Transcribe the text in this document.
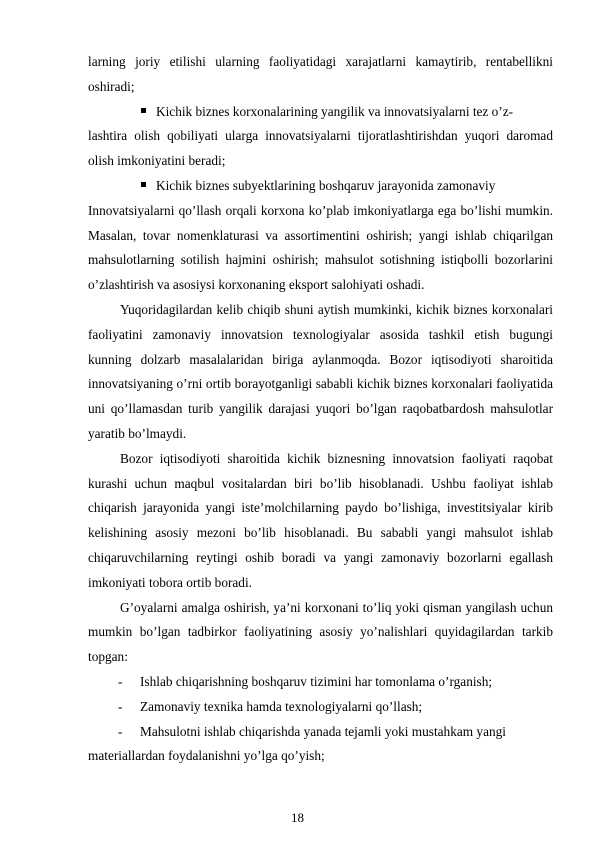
larning joriy etilishi ularning faoliyatidagi xarajatlarni kamaytirib, rentabellikni oshiradi;

Kichik biznes korxonalarining yangilik va innovatsiyalarni tez o’z-

lashtira olish qobiliyati ularga innovatsiyalarni tijoratlashtirishdan yuqori daromad olish imkoniyatini beradi;

Kichik biznes subyektlarining boshqaruv jarayonida zamonaviy

Innovatsiyalarni qo’llash orqali korxona ko’plab imkoniyatlarga ega bo’lishi mumkin. Masalan, tovar nomenklaturasi va assortimentini oshirish; yangi ishlab chiqarilgan mahsulotlarning sotilish hajmini oshirish; mahsulot sotishning istiqbolli bozorlarini o’zlashtirish va asosiysi korxonaning eksport salohiyati oshadi.

Yuqoridagilardan kelib chiqib shuni aytish mumkinki, kichik biznes korxonalari faoliyatini zamonaviy innovatsion texnologiyalar asosida tashkil etish bugungi kunning dolzarb masalalaridan biriga aylanmoqda. Bozor iqtisodiyoti sharoitida innovatsiyaning o’rni ortib borayotganligi sababli kichik biznes korxonalari faoliyatida uni qo’llamasdan turib yangilik darajasi yuqori bo’lgan raqobatbardosh mahsulotlar yaratib bo’lmaydi.

Bozor iqtisodiyoti sharoitida kichik biznesning innovatsion faoliyati raqobat kurashi uchun maqbul vositalardan biri bo’lib hisoblanadi. Ushbu faoliyat ishlab chiqarish jarayonida yangi iste’molchilarning paydo bo’lishiga, investitsiyalar kirib kelishining asosiy mezoni bo’lib hisoblanadi. Bu sababli yangi mahsulot ishlab chiqaruvchilarning reytingi oshib boradi va yangi zamonaviy bozorlarni egallash imkoniyati tobora ortib boradi.

G’oyalarni amalga oshirish, ya’ni korxonani to’liq yoki qisman yangilash uchun mumkin bo’lgan tadbirkor faoliyatining asosiy yo’nalishlari quyidagilardan tarkib topgan:

-	Ishlab chiqarishning boshqaruv tizimini har tomonlama o’rganish;
-	Zamonaviy texnika hamda texnologiyalarni qo’llash;
-	Mahsulotni ishlab chiqarishda yanada tejamli yoki mustahkam yangi

materiallardan foydalanishni yo’lga qo’yish;

18
